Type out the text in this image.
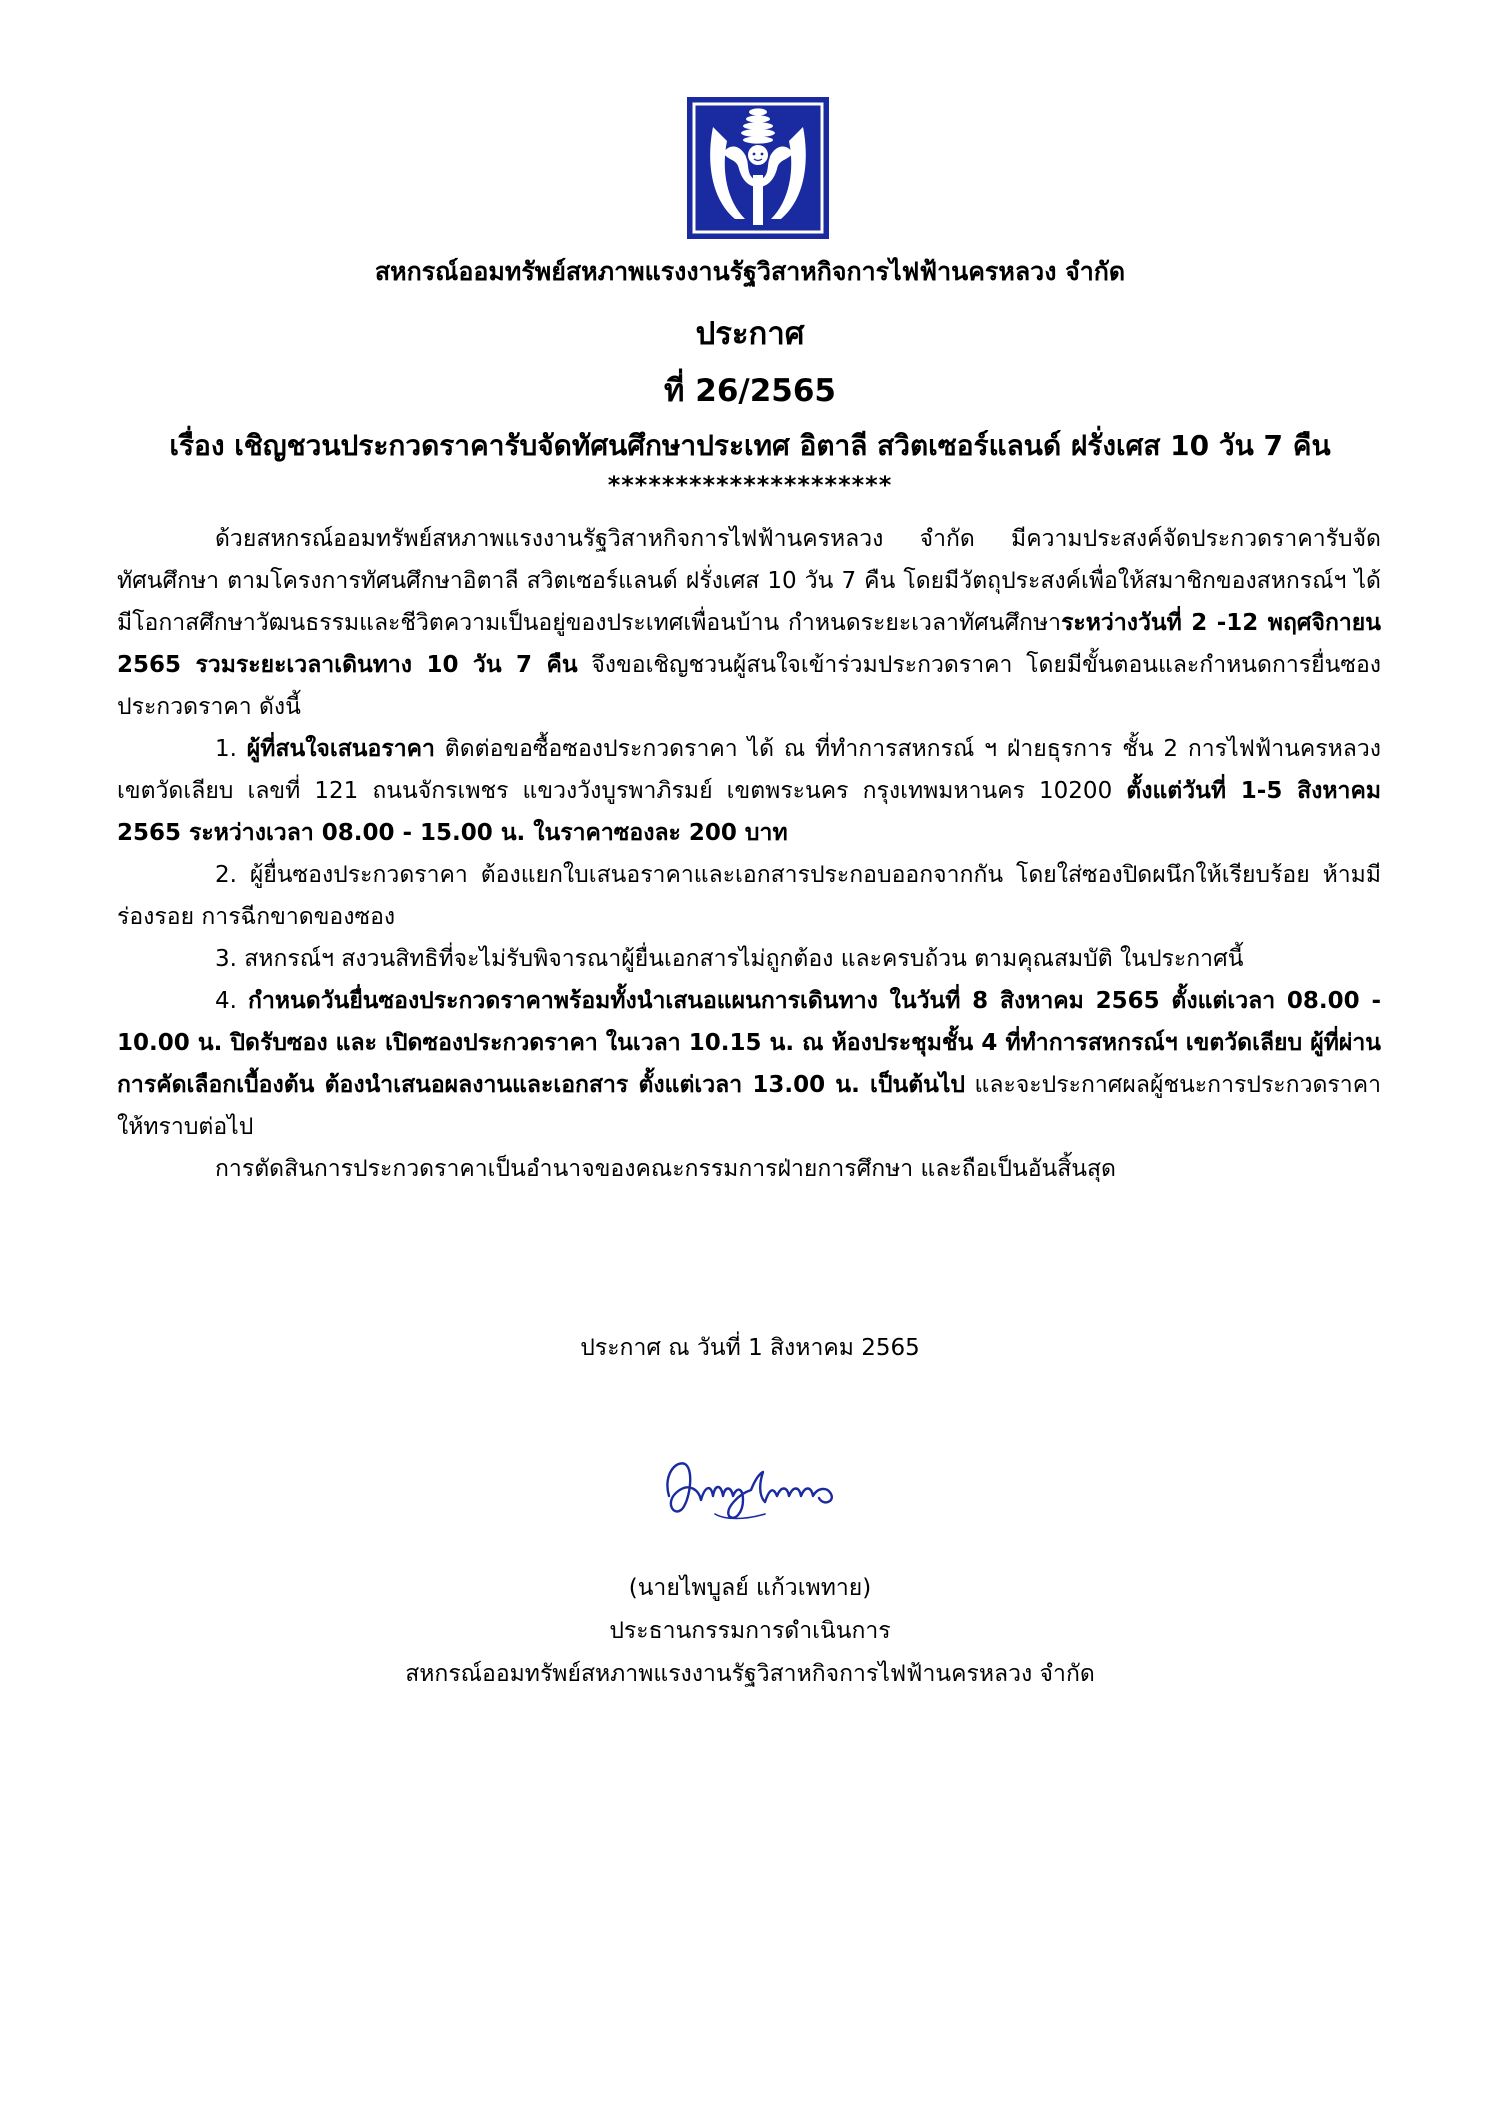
สหกรณ์ออมทรัพย์สหภาพแรงงานรัฐวิสาหกิจการไฟฟ้านครหลวง จำกัด
ประกาศ
ที่ 26/2565
เรื่อง เชิญชวนประกวดราคารับจัดทัศนศึกษาประเทศ อิตาลี สวิตเซอร์แลนด์ ฝรั่งเศส 10 วัน 7 คืน
*********************

ด้วยสหกรณ์ออมทรัพย์สหภาพแรงงานรัฐวิสาหกิจการไฟฟ้านครหลวง จำกัด มีความประสงค์จัดประกวดราคารับจัดทัศนศึกษา ตามโครงการทัศนศึกษาอิตาลี สวิตเซอร์แลนด์ ฝรั่งเศส 10 วัน 7 คืน โดยมีวัตถุประสงค์เพื่อให้สมาชิกของสหกรณ์ฯ ได้มีโอกาสศึกษาวัฒนธรรมและชีวิตความเป็นอยู่ของประเทศเพื่อนบ้าน กำหนดระยะเวลาทัศนศึกษาระหว่างวันที่ 2 -12 พฤศจิกายน 2565 รวมระยะเวลาเดินทาง 10 วัน 7 คืน จึงขอเชิญชวนผู้สนใจเข้าร่วมประกวดราคา โดยมีขั้นตอนและกำหนดการยื่นซองประกวดราคา ดังนี้

1. ผู้ที่สนใจเสนอราคา ติดต่อขอซื้อซองประกวดราคา ได้ ณ ที่ทำการสหกรณ์ ฯ ฝ่ายธุรการ ชั้น 2 การไฟฟ้านครหลวง เขตวัดเลียบ เลขที่ 121 ถนนจักรเพชร แขวงวังบูรพาภิรมย์ เขตพระนคร กรุงเทพมหานคร 10200 ตั้งแต่วันที่ 1-5 สิงหาคม 2565 ระหว่างเวลา 08.00 - 15.00 น. ในราคาซองละ 200 บาท

2. ผู้ยื่นซองประกวดราคา ต้องแยกใบเสนอราคาและเอกสารประกอบออกจากกัน โดยใส่ซองปิดผนึกให้เรียบร้อย ห้ามมีร่องรอย การฉีกขาดของซอง

3. สหกรณ์ฯ สงวนสิทธิที่จะไม่รับพิจารณาผู้ยื่นเอกสารไม่ถูกต้อง และครบถ้วน ตามคุณสมบัติ ในประกาศนี้

4. กำหนดวันยื่นซองประกวดราคาพร้อมทั้งนำเสนอแผนการเดินทาง ในวันที่ 8 สิงหาคม 2565 ตั้งแต่เวลา 08.00 - 10.00 น. ปิดรับซอง และ เปิดซองประกวดราคา ในเวลา 10.15 น. ณ ห้องประชุมชั้น 4 ที่ทำการสหกรณ์ฯ เขตวัดเลียบ ผู้ที่ผ่านการคัดเลือกเบื้องต้น ต้องนำเสนอผลงานและเอกสาร ตั้งแต่เวลา 13.00 น. เป็นต้นไป และจะประกาศผลผู้ชนะการประกวดราคาให้ทราบต่อไป

การตัดสินการประกวดราคาเป็นอำนาจของคณะกรรมการฝ่ายการศึกษา และถือเป็นอันสิ้นสุด

ประกาศ ณ วันที่ 1 สิงหาคม 2565
(นายไพบูลย์ แก้วเพทาย)
ประธานกรรมการดำเนินการ
สหกรณ์ออมทรัพย์สหภาพแรงงานรัฐวิสาหกิจการไฟฟ้านครหลวง จำกัด
